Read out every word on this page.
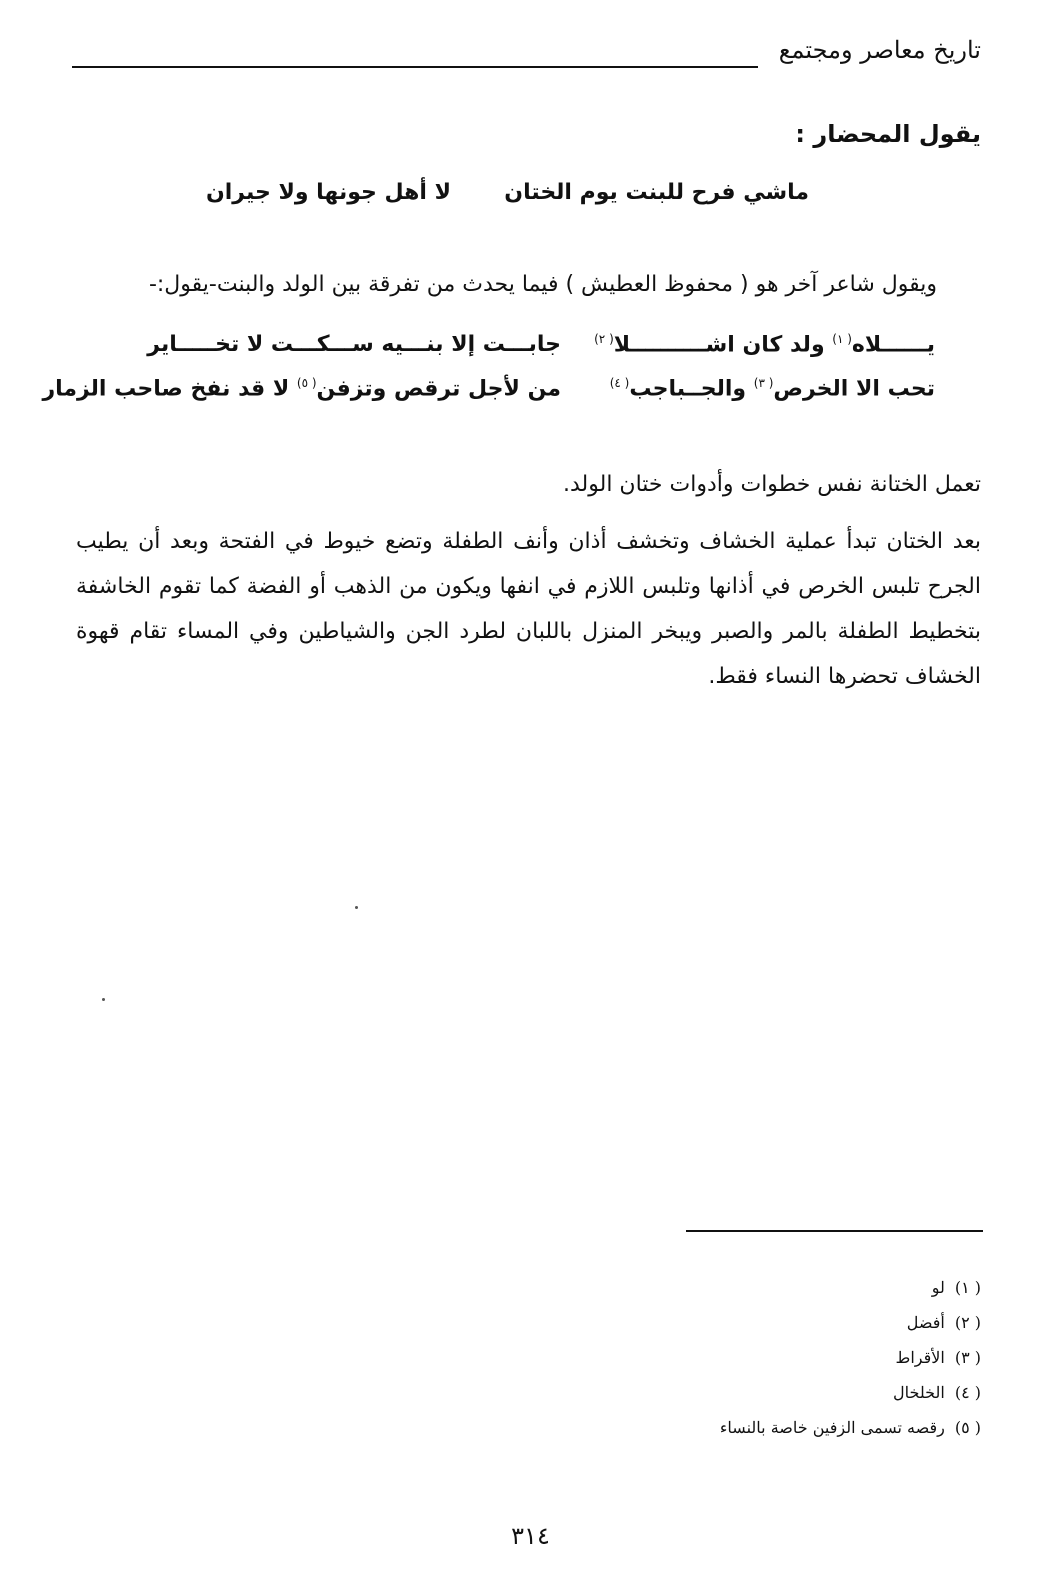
تاريخ معاصر ومجتمع
يقول المحضار :
ماشي فرح للبنت يوم الختان
لا أهل جونها ولا جيران
ويقول شاعر آخر هو ( محفوظ العطيش ) فيما يحدث من تفرقة بين الولد والبنت-يقول:-
يــــــلاه$^{( ١)}$ ولد كان اشــــــــــلا$^{( ٢)}$
جابـــت إلا بنـــيه ســـكـــت لا تخـــــاير
تحب الا الخرص$^{( ٣)}$ والجــباجب$^{( ٤)}$
من لأجل ترقص وتزفن$^{( ٥)}$ لا قد نفخ صاحب الزمار
تعمل الختانة نفس خطوات وأدوات ختان الولد.
بعد الختان تبدأ عملية الخشاف وتخشف أذان وأنف الطفلة وتضع خيوط في الفتحة وبعد أن يطيب الجرح تلبس الخرص في أذانها وتلبس اللازم في انفها ويكون من الذهب أو الفضة كما تقوم الخاشفة بتخطيط الطفلة بالمر والصبر ويبخر المنزل باللبان لطرد الجن والشياطين وفي المساء تقام قهوة الخشاف تحضرها النساء فقط.
( ١)لو
( ٢)أفضل
( ٣)الأقراط
( ٤)الخلخال
( ٥)رقصه تسمى الزفين خاصة بالنساء
٣١٤
